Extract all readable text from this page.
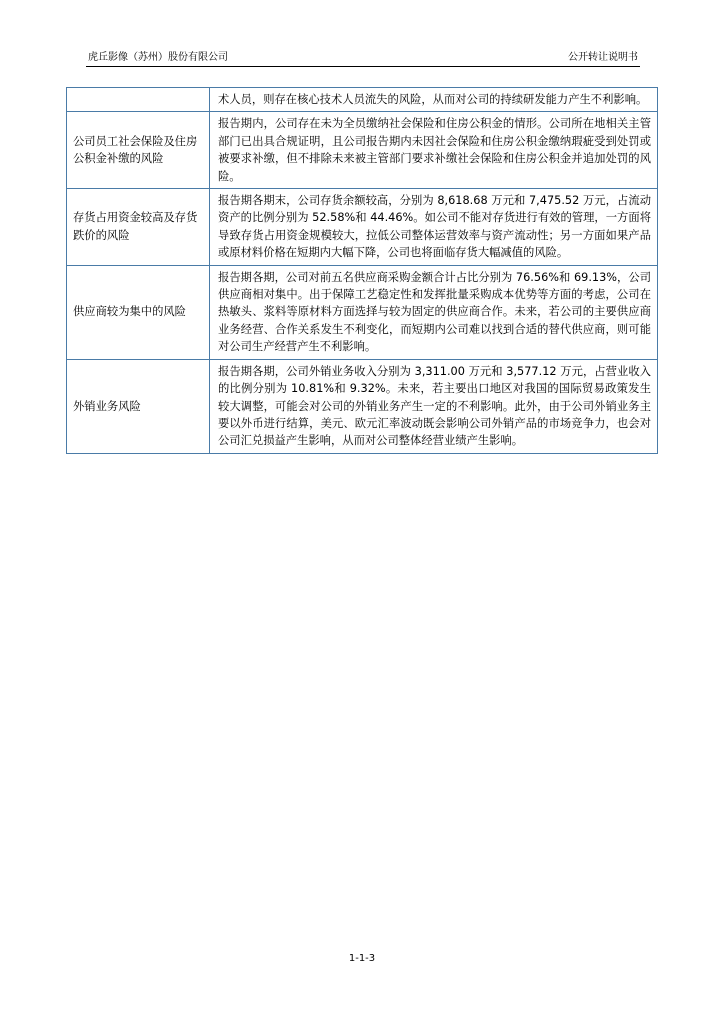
虎丘影像（苏州）股份有限公司	公开转让说明书
	术人员，则存在核心技术人员流失的风险，从而对公司的持续研发能力产生不利影响。
公司员工社会保险及住房公积金补缴的风险	报告期内，公司存在未为全员缴纳社会保险和住房公积金的情形。公司所在地相关主管部门已出具合规证明，且公司报告期内未因社会保险和住房公积金缴纳瑕疵受到处罚或被要求补缴，但不排除未来被主管部门要求补缴社会保险和住房公积金并追加处罚的风险。
存货占用资金较高及存货跌价的风险	报告期各期末，公司存货余额较高，分别为 8,618.68 万元和 7,475.52 万元，占流动资产的比例分别为 52.58%和 44.46%。如公司不能对存货进行有效的管理，一方面将导致存货占用资金规模较大，拉低公司整体运营效率与资产流动性；另一方面如果产品或原材料价格在短期内大幅下降，公司也将面临存货大幅减值的风险。
供应商较为集中的风险	报告期各期，公司对前五名供应商采购金额合计占比分别为 76.56%和 69.13%，公司供应商相对集中。出于保障工艺稳定性和发挥批量采购成本优势等方面的考虑，公司在热敏头、浆料等原材料方面选择与较为固定的供应商合作。未来，若公司的主要供应商业务经营、合作关系发生不利变化，而短期内公司难以找到合适的替代供应商，则可能对公司生产经营产生不利影响。
外销业务风险	报告期各期，公司外销业务收入分别为 3,311.00 万元和 3,577.12 万元，占营业收入的比例分别为 10.81%和 9.32%。未来，若主要出口地区对我国的国际贸易政策发生较大调整，可能会对公司的外销业务产生一定的不利影响。此外，由于公司外销业务主要以外币进行结算，美元、欧元汇率波动既会影响公司外销产品的市场竞争力，也会对公司汇兑损益产生影响，从而对公司整体经营业绩产生影响。
1-1-3
